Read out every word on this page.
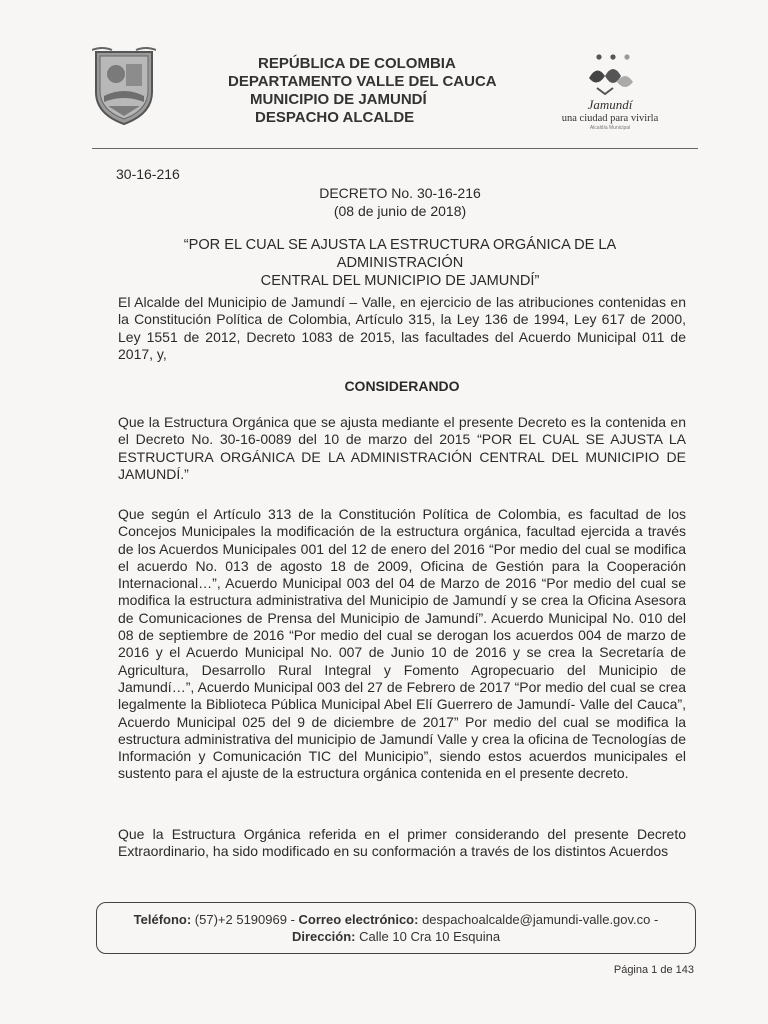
REPÚBLICA DE COLOMBIA
DEPARTAMENTO VALLE DEL CAUCA
MUNICIPIO DE JAMUNDÍ
DESPACHO ALCALDE
Jamundí
una ciudad para vivirla
Alcaldía Municipal
30-16-216
DECRETO No. 30-16-216
(08 de junio de 2018)
“POR EL CUAL SE AJUSTA LA ESTRUCTURA ORGÁNICA DE LA ADMINISTRACIÓN
CENTRAL DEL MUNICIPIO DE JAMUNDÍ”
El Alcalde del Municipio de Jamundí – Valle, en ejercicio de las atribuciones contenidas en la Constitución Política de Colombia, Artículo 315, la Ley 136 de 1994, Ley 617 de 2000, Ley 1551 de 2012, Decreto 1083 de 2015, las facultades del Acuerdo Municipal 011 de 2017, y,
CONSIDERANDO
Que la Estructura Orgánica que se ajusta mediante el presente Decreto es la contenida en el Decreto No. 30-16-0089 del 10 de marzo del 2015 “POR EL CUAL SE AJUSTA LA ESTRUCTURA ORGÁNICA DE LA ADMINISTRACIÓN CENTRAL DEL MUNICIPIO DE JAMUNDÍ.”
Que según el Artículo 313 de la Constitución Política de Colombia, es facultad de los Concejos Municipales la modificación de la estructura orgánica, facultad ejercida a través de los Acuerdos Municipales 001 del 12 de enero del 2016 “Por medio del cual se modifica el acuerdo No. 013 de agosto 18 de 2009, Oficina de Gestión para la Cooperación Internacional…”, Acuerdo Municipal 003 del 04 de Marzo de 2016 “Por medio del cual se modifica la estructura administrativa del Municipio de Jamundí y se crea la Oficina Asesora de Comunicaciones de Prensa del Municipio de Jamundí”. Acuerdo Municipal No. 010 del 08 de septiembre de 2016 “Por medio del cual se derogan los acuerdos 004 de marzo de 2016 y el Acuerdo Municipal No. 007 de Junio 10 de 2016 y se crea la Secretaría de Agricultura, Desarrollo Rural Integral y Fomento Agropecuario del Municipio de Jamundí…”, Acuerdo Municipal 003 del 27 de Febrero de 2017 “Por medio del cual se crea legalmente la Biblioteca Pública Municipal Abel Elí Guerrero de Jamundí- Valle del Cauca”, Acuerdo Municipal 025 del 9 de diciembre de 2017” Por medio del cual se modifica la estructura administrativa del municipio de Jamundí Valle y crea la oficina de Tecnologías de Información y Comunicación TIC del Municipio”, siendo estos acuerdos municipales el sustento para el ajuste de la estructura orgánica contenida en el presente decreto.
Que la Estructura Orgánica referida en el primer considerando del presente Decreto Extraordinario, ha sido modificado en su conformación a través de los distintos Acuerdos
Teléfono: (57)+2 5190969 - Correo electrónico: despachoalcalde@jamundi-valle.gov.co -
Dirección: Calle 10 Cra 10 Esquina
Página 1 de 143
